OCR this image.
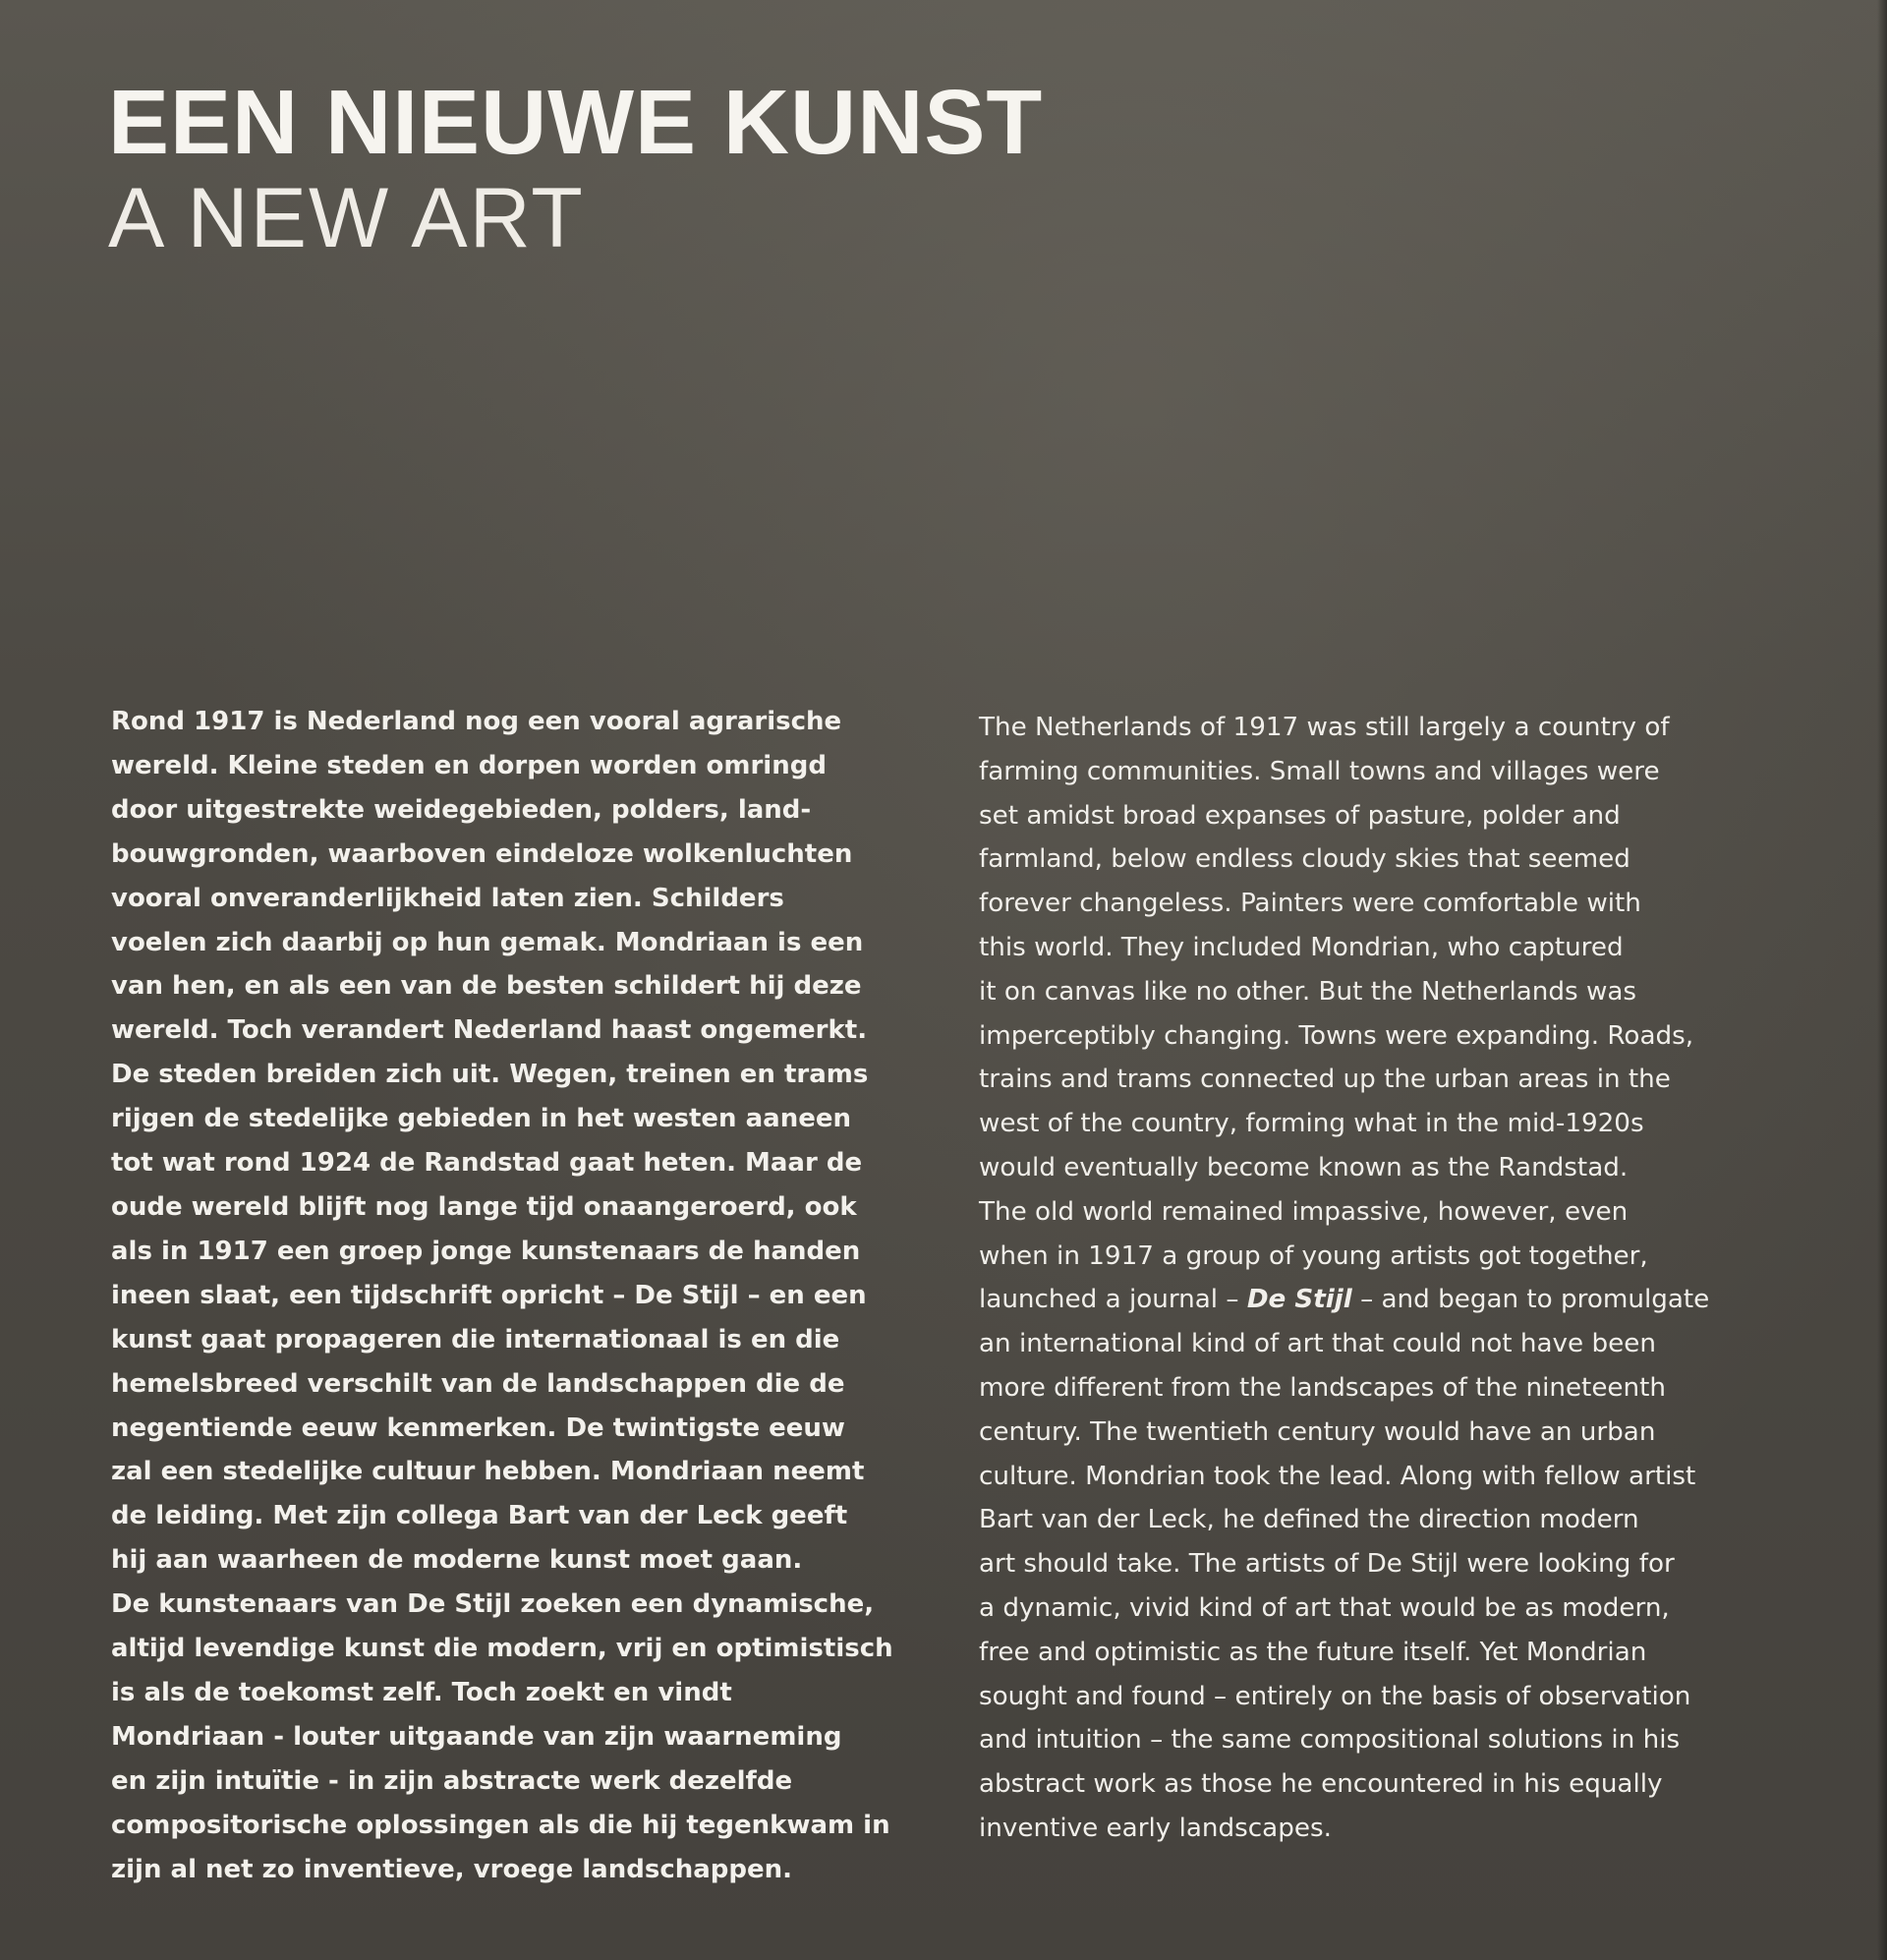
EEN NIEUWE KUNST
A NEW ART
Rond 1917 is Nederland nog een vooral agrarische
wereld. Kleine steden en dorpen worden omringd
door uitgestrekte weidegebieden, polders, land-
bouwgronden, waarboven eindeloze wolkenluchten
vooral onveranderlijkheid laten zien. Schilders
voelen zich daarbij op hun gemak. Mondriaan is een
van hen, en als een van de besten schildert hij deze
wereld. Toch verandert Nederland haast ongemerkt.
De steden breiden zich uit. Wegen, treinen en trams
rijgen de stedelijke gebieden in het westen aaneen
tot wat rond 1924 de Randstad gaat heten. Maar de
oude wereld blijft nog lange tijd onaangeroerd, ook
als in 1917 een groep jonge kunstenaars de handen
ineen slaat, een tijdschrift opricht – De Stijl – en een
kunst gaat propageren die internationaal is en die
hemelsbreed verschilt van de landschappen die de
negentiende eeuw kenmerken. De twintigste eeuw
zal een stedelijke cultuur hebben. Mondriaan neemt
de leiding. Met zijn collega Bart van der Leck geeft
hij aan waarheen de moderne kunst moet gaan.
De kunstenaars van De Stijl zoeken een dynamische,
altijd levendige kunst die modern, vrij en optimistisch
is als de toekomst zelf. Toch zoekt en vindt
Mondriaan - louter uitgaande van zijn waarneming
en zijn intuïtie - in zijn abstracte werk dezelfde
compositorische oplossingen als die hij tegenkwam in
zijn al net zo inventieve, vroege landschappen.
The Netherlands of 1917 was still largely a country of
farming communities. Small towns and villages were
set amidst broad expanses of pasture, polder and
farmland, below endless cloudy skies that seemed
forever changeless. Painters were comfortable with
this world. They included Mondrian, who captured
it on canvas like no other. But the Netherlands was
imperceptibly changing. Towns were expanding. Roads,
trains and trams connected up the urban areas in the
west of the country, forming what in the mid-1920s
would eventually become known as the Randstad.
The old world remained impassive, however, even
when in 1917 a group of young artists got together,
launched a journal – De Stijl – and began to promulgate
an international kind of art that could not have been
more different from the landscapes of the nineteenth
century. The twentieth century would have an urban
culture. Mondrian took the lead. Along with fellow artist
Bart van der Leck, he defined the direction modern
art should take. The artists of De Stijl were looking for
a dynamic, vivid kind of art that would be as modern,
free and optimistic as the future itself. Yet Mondrian
sought and found – entirely on the basis of observation
and intuition – the same compositional solutions in his
abstract work as those he encountered in his equally
inventive early landscapes.
